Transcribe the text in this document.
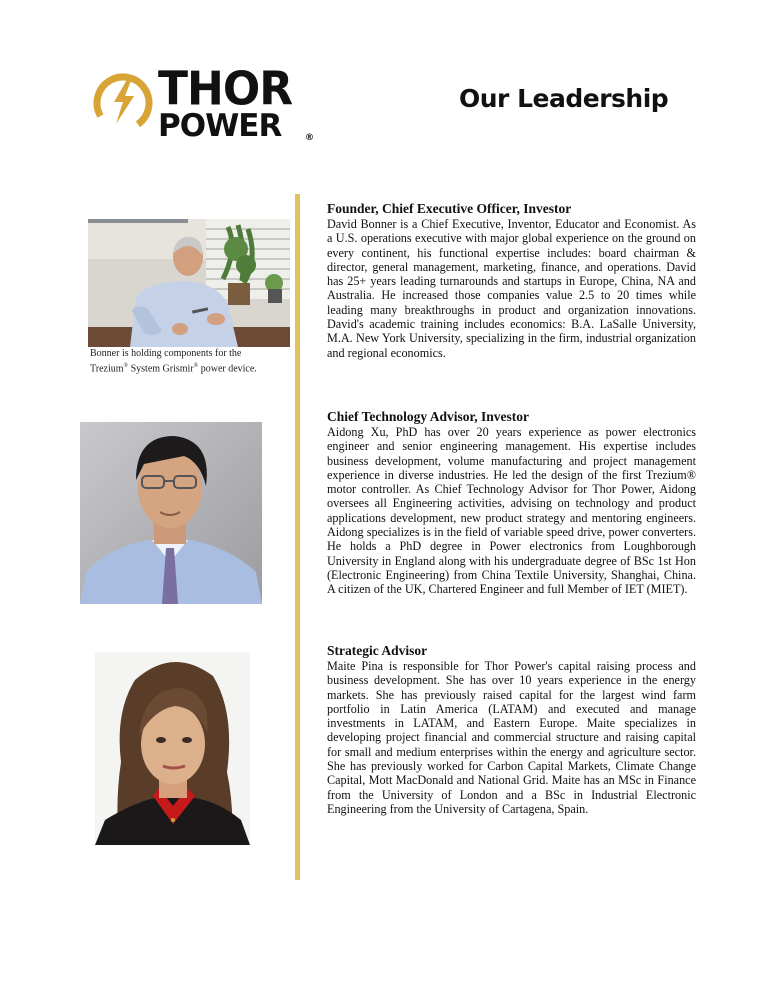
THOR
POWER	®
Our Leadership
Bonner is holding components for the
Trezium® System Grismir® power device.

Founder, Chief Executive Officer, Investor

David Bonner is a Chief Executive, Inventor, Educator and Economist. As a U.S. operations executive with major global experience on the ground on every continent, his functional expertise includes: board chairman & director, general management, marketing, finance, and operations. David has 25+ years leading turnarounds and startups in Europe, China, NA and Australia. He increased those companies value 2.5 to 20 times while leading many breakthroughs in product and organization innovations. David's academic training includes economics: B.A. LaSalle University, M.A. New York University, specializing in the firm, industrial organization and regional economics.

Chief Technology Advisor, Investor

Aidong Xu, PhD has over 20 years experience as power electronics engineer and senior engineering management. His expertise includes business development, volume manufacturing and project management experience in diverse industries. He led the design of the first Trezium® motor controller. As Chief Technology Advisor for Thor Power, Aidong oversees all Engineering activities, advising on technology and product applications development, new product strategy and mentoring engineers. Aidong specializes is in the field of variable speed drive, power converters. He holds a PhD degree in Power electronics from Loughborough University in England along with his undergraduate degree of BSc 1st Hon (Electronic Engineering) from China Textile University, Shanghai, China. A citizen of the UK, Chartered Engineer and full Member of IET (MIET).

Strategic Advisor

Maite Pina is responsible for Thor Power's capital raising process and business development. She has over 10 years experience in the energy markets. She has previously raised capital for the largest wind farm portfolio in Latin America (LATAM) and executed and manage investments in LATAM, and Eastern Europe. Maite specializes in developing project financial and commercial structure and raising capital for small and medium enterprises within the energy and agriculture sector. She has previously worked for Carbon Capital Markets, Climate Change Capital, Mott MacDonald and National Grid. Maite has an MSc in Finance from the University of London and a BSc in Industrial Electronic Engineering from the University of Cartagena, Spain.
